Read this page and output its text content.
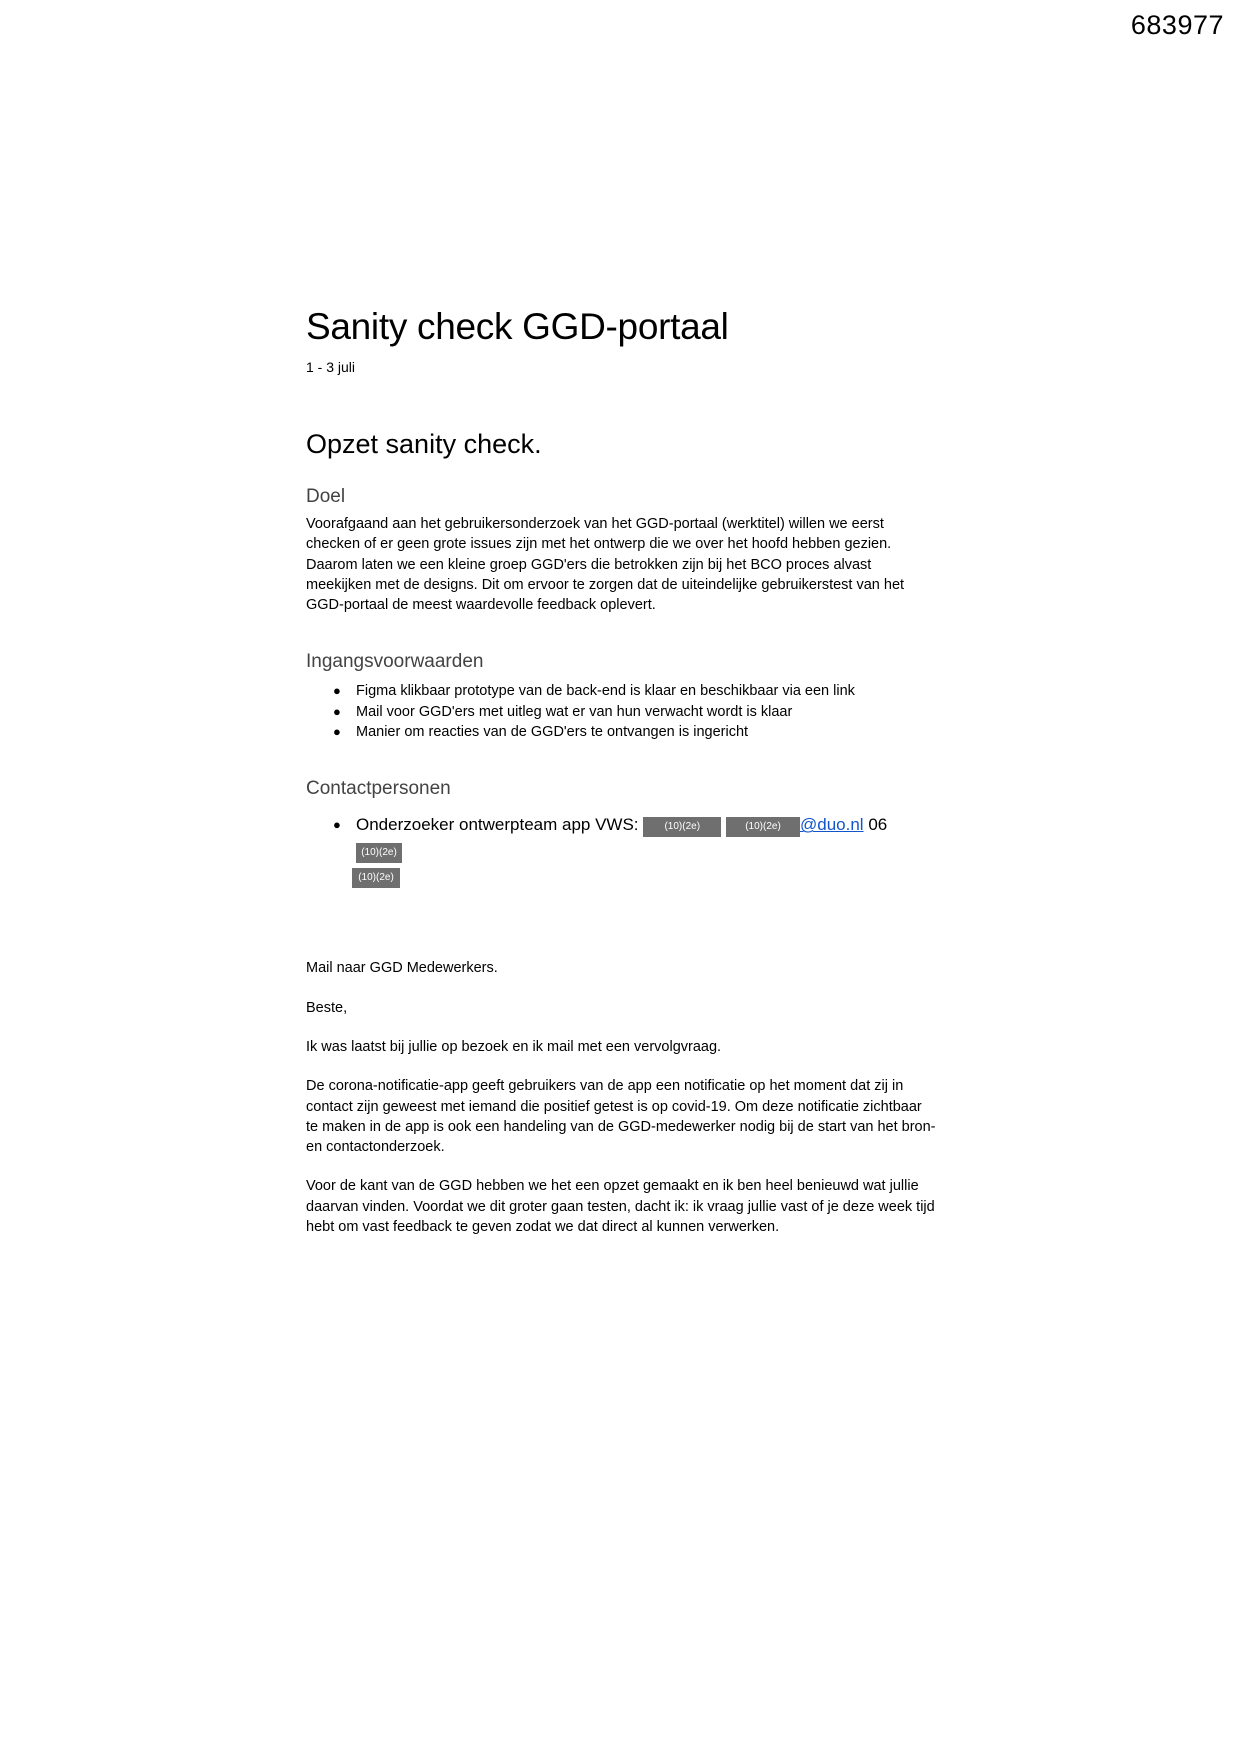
683977
Sanity check GGD-portaal

1 - 3 juli

Opzet sanity check.
Doel

Voorafgaand aan het gebruikersonderzoek van het GGD-portaal (werktitel) willen we eerst checken of er geen grote issues zijn met het ontwerp die we over het hoofd hebben gezien. Daarom laten we een kleine groep GGD'ers die betrokken zijn bij het BCO proces alvast meekijken met de designs. Dit om ervoor te zorgen dat de uiteindelijke gebruikerstest van het GGD-portaal de meest waardevolle feedback oplevert.

Ingangsvoorwaarden
● Figma klikbaar prototype van de back-end is klaar en beschikbaar via een link
● Mail voor GGD'ers met uitleg wat er van hun verwacht wordt is klaar
● Manier om reacties van de GGD'ers te ontvangen is ingericht
Contactpersonen
● Onderzoeker ontwerpteam app VWS:	(10)(2e)	(10)(2e) @duo.nl 06 (10)(2e)
(10)(2e)

Mail naar GGD Medewerkers.

Beste,

Ik was laatst bij jullie op bezoek en ik mail met een vervolgvraag.

De corona-notificatie-app geeft gebruikers van de app een notificatie op het moment dat zij in contact zijn geweest met iemand die positief getest is op covid-19. Om deze notificatie zichtbaar te maken in de app is ook een handeling van de GGD-medewerker nodig bij de start van het bron- en contactonderzoek.

Voor de kant van de GGD hebben we het een opzet gemaakt en ik ben heel benieuwd wat jullie daarvan vinden. Voordat we dit groter gaan testen, dacht ik: ik vraag jullie vast of je deze week tijd hebt om vast feedback te geven zodat we dat direct al kunnen verwerken.
